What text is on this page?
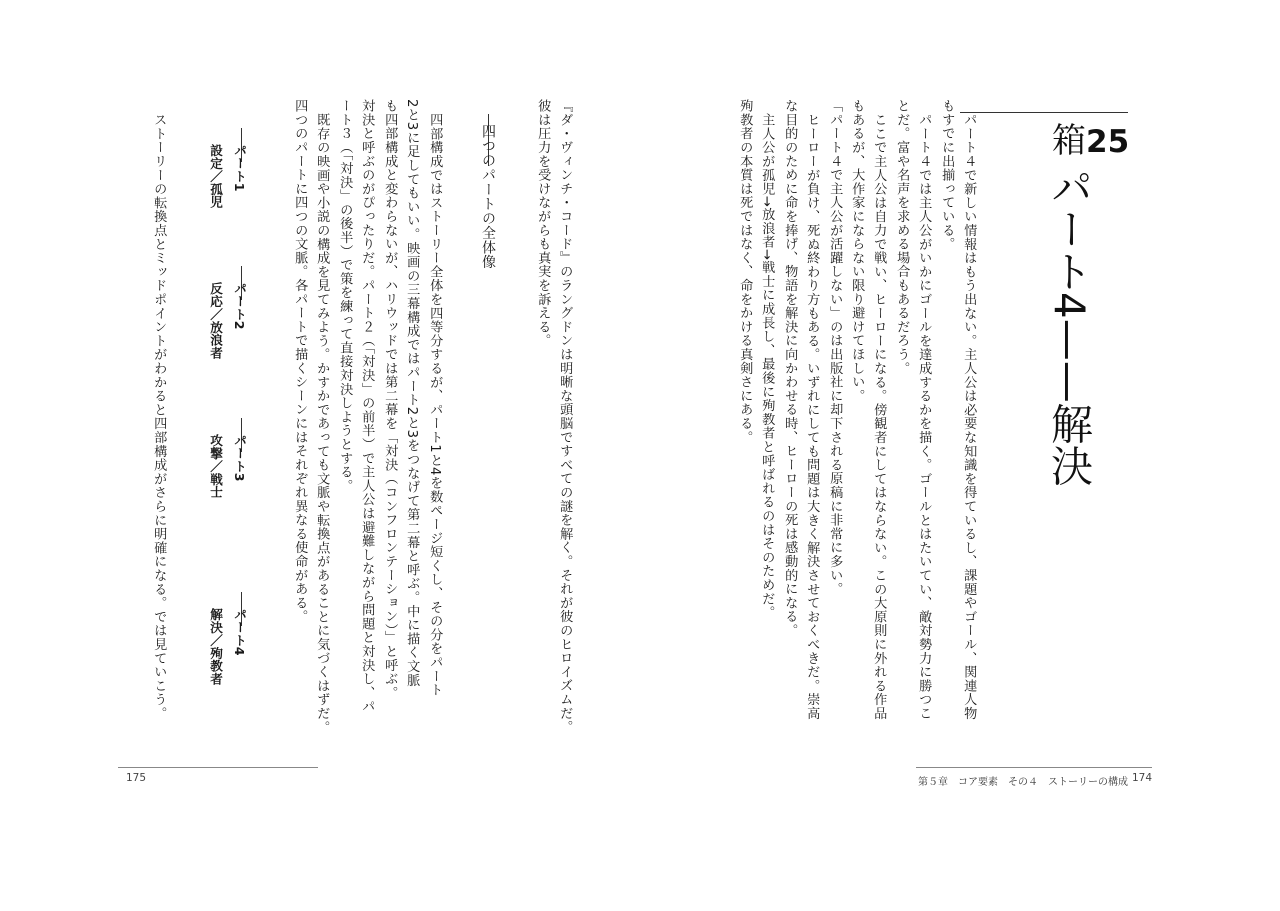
箱25
パート4——解決
パート４で新しい情報はもう出ない。主人公は必要な知識を得ているし、課題やゴール、関連人物
もすでに出揃っている。
パート４では主人公がいかにゴールを達成するかを描く。ゴールとはたいてい、敵対勢力に勝つこ
とだ。富や名声を求める場合もあるだろう。
ここで主人公は自力で戦い、ヒーローになる。傍観者にしてはならない。この大原則に外れる作品
もあるが、大作家にならない限り避けてほしい。
「パート４で主人公が活躍しない」のは出版社に却下される原稿に非常に多い。
ヒーローが負け、死ぬ終わり方もある。いずれにしても問題は大きく解決させておくべきだ。崇高
な目的のために命を捧げ、物語を解決に向かわせる時、ヒーローの死は感動的になる。
主人公が孤児→放浪者→戦士に成長し、最後に殉教者と呼ばれるのはそのためだ。
殉教者の本質は死ではなく、命をかける真剣さにある。
『ダ・ヴィンチ・コード』のラングドンは明晰な頭脳ですべての謎を解く。それが彼のヒロイズムだ。
彼は圧力を受けながらも真実を訴える。
四つのパートの全体像
四部構成ではストーリー全体を四等分するが、パート1と4を数ページ短くし、その分をパート
2と3に足してもいい。映画の三幕構成ではパート2と3をつなげて第二幕と呼ぶ。中に描く文脈
も四部構成と変わらないが、ハリウッドでは第二幕を「対決（コンフロンテーション）」と呼ぶ。
対決と呼ぶのがぴったりだ。パート２（「対決」の前半）で主人公は避難しながら問題と対決し、パ
ート３（「対決」の後半）で策を練って直接対決しようとする。
既存の映画や小説の構成を見てみよう。かすかであっても文脈や転換点があることに気づくはずだ。
四つのパートに四つの文脈。各パートで描くシーンにはそれぞれ異なる使命がある。
パート1
設定／孤児
パート2
反応／放浪者
パート3
攻撃／戦士
パート4
解決／殉教者
ストーリーの転換点とミッドポイントがわかると四部構成がさらに明確になる。では見ていこう。
175	第５章　コア要素　その４　ストーリーの構成 174
